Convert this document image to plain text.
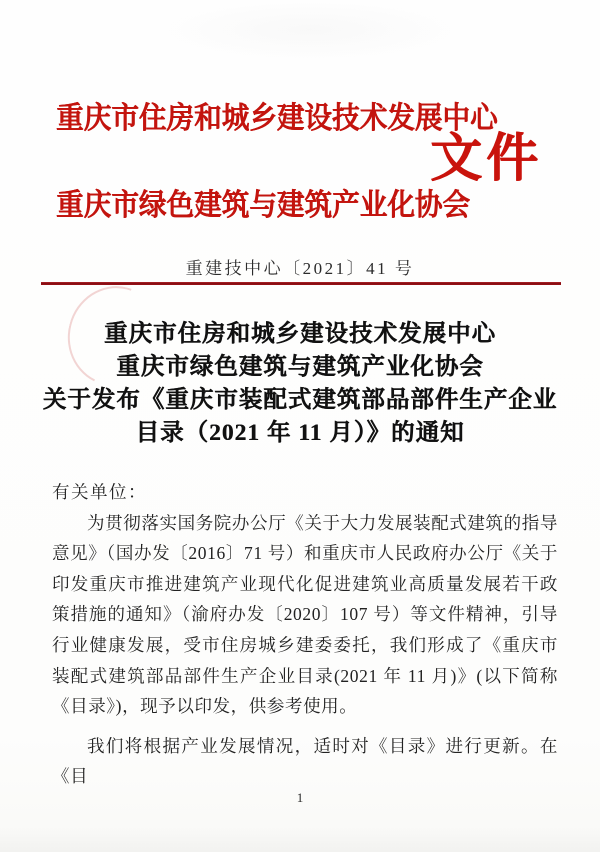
重庆市住房和城乡建设技术发展中心
文件
重庆市绿色建筑与建筑产业化协会
重建技中心〔2021〕41 号
重庆市住房和城乡建设技术发展中心
重庆市绿色建筑与建筑产业化协会
关于发布《重庆市装配式建筑部品部件生产企业
目录（2021 年 11 月）》的通知
有关单位：

为贯彻落实国务院办公厅《关于大力发展装配式建筑的指导意见》（国办发〔2016〕71 号）和重庆市人民政府办公厅《关于印发重庆市推进建筑产业现代化促进建筑业高质量发展若干政策措施的通知》（渝府办发〔2020〕107 号）等文件精神，引导行业健康发展，受市住房城乡建委委托，我们形成了《重庆市装配式建筑部品部件生产企业目录(2021 年 11 月)》(以下简称《目录》)，现予以印发，供参考使用。

我们将根据产业发展情况，适时对《目录》进行更新。在《目

1
